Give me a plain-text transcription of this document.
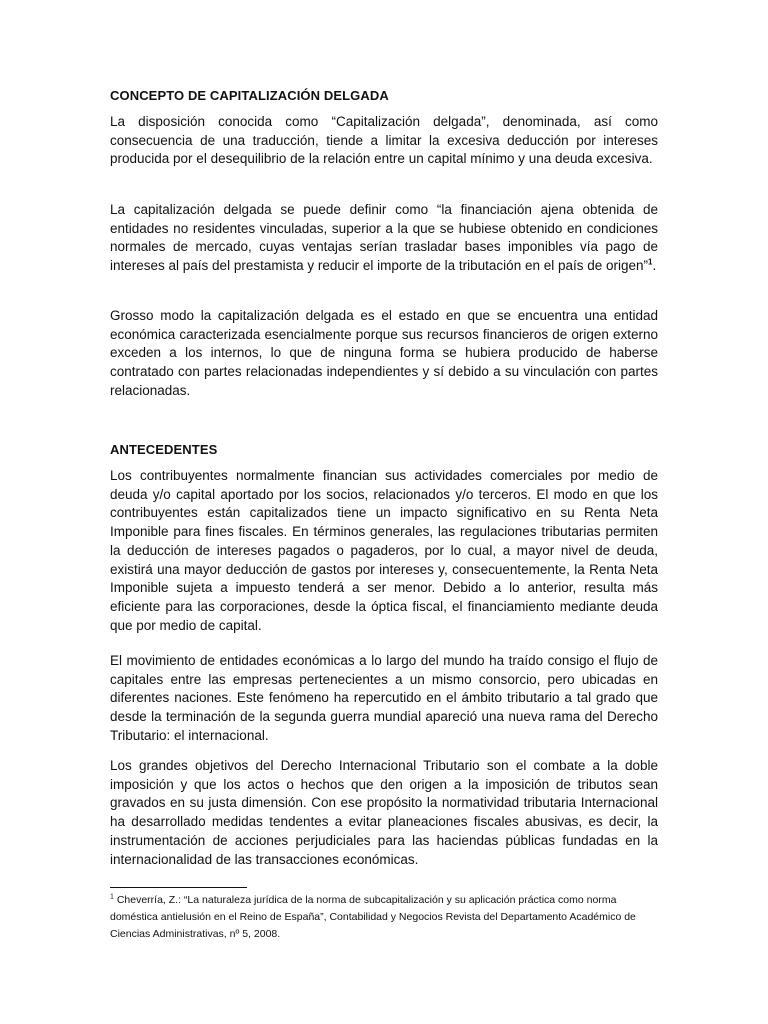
CONCEPTO DE CAPITALIZACIÓN DELGADA

La disposición conocida como “Capitalización delgada”, denominada, así como consecuencia de una traducción, tiende a limitar la excesiva deducción por intereses producida por el desequilibrio de la relación entre un capital mínimo y una deuda excesiva.

La capitalización delgada se puede definir como “la financiación ajena obtenida de entidades no residentes vinculadas, superior a la que se hubiese obtenido en condiciones normales de mercado, cuyas ventajas serían trasladar bases imponibles vía pago de intereses al país del prestamista y reducir el importe de la tributación en el país de origen”$^1$.

Grosso modo la capitalización delgada es el estado en que se encuentra una entidad económica caracterizada esencialmente porque sus recursos financieros de origen externo exceden a los internos, lo que de ninguna forma se hubiera producido de haberse contratado con partes relacionadas independientes y sí debido a su vinculación con partes relacionadas.

ANTECEDENTES

Los contribuyentes normalmente financian sus actividades comerciales por medio de deuda y/o capital aportado por los socios, relacionados y/o terceros. El modo en que los contribuyentes están capitalizados tiene un impacto significativo en su Renta Neta Imponible para fines fiscales. En términos generales, las regulaciones tributarias permiten la deducción de intereses pagados o pagaderos, por lo cual, a mayor nivel de deuda, existirá una mayor deducción de gastos por intereses y, consecuentemente, la Renta Neta Imponible sujeta a impuesto tenderá a ser menor. Debido a lo anterior, resulta más eficiente para las corporaciones, desde la óptica fiscal, el financiamiento mediante deuda que por medio de capital.

El movimiento de entidades económicas a lo largo del mundo ha traído consigo el flujo de capitales entre las empresas pertenecientes a un mismo consorcio, pero ubicadas en diferentes naciones. Este fenómeno ha repercutido en el ámbito tributario a tal grado que desde la terminación de la segunda guerra mundial apareció una nueva rama del Derecho Tributario: el internacional.

Los grandes objetivos del Derecho Internacional Tributario son el combate a la doble imposición y que los actos o hechos que den origen a la imposición de tributos sean gravados en su justa dimensión. Con ese propósito la normatividad tributaria Internacional ha desarrollado medidas tendentes a evitar planeaciones fiscales abusivas, es decir, la instrumentación de acciones perjudiciales para las haciendas públicas fundadas en la internacionalidad de las transacciones económicas.

$^1$ Cheverría, Z.: “La naturaleza jurídica de la norma de subcapitalización y su aplicación práctica como norma doméstica antielusión en el Reino de España”, Contabilidad y Negocios Revista del Departamento Académico de Ciencias Administrativas, nº 5, 2008.
